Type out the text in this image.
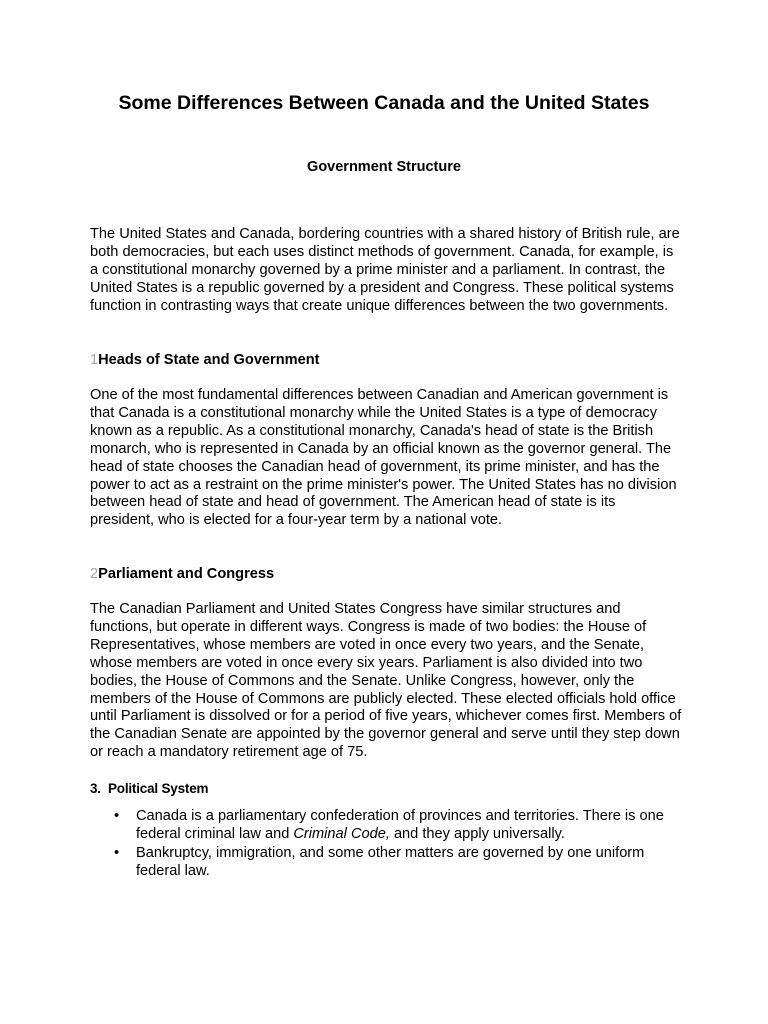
Some Differences Between Canada and the United States
Government Structure

The United States and Canada, bordering countries with a shared history of British rule, are both democracies, but each uses distinct methods of government. Canada, for example, is a constitutional monarchy governed by a prime minister and a parliament. In contrast, the United States is a republic governed by a president and Congress. These political systems function in contrasting ways that create unique differences between the two governments.

1Heads of State and Government

One of the most fundamental differences between Canadian and American government is that Canada is a constitutional monarchy while the United States is a type of democracy known as a republic. As a constitutional monarchy, Canada's head of state is the British monarch, who is represented in Canada by an official known as the governor general. The head of state chooses the Canadian head of government, its prime minister, and has the power to act as a restraint on the prime minister's power. The United States has no division between head of state and head of government. The American head of state is its president, who is elected for a four-year term by a national vote.

2Parliament and Congress

The Canadian Parliament and United States Congress have similar structures and functions, but operate in different ways. Congress is made of two bodies: the House of Representatives, whose members are voted in once every two years, and the Senate, whose members are voted in once every six years. Parliament is also divided into two bodies, the House of Commons and the Senate. Unlike Congress, however, only the members of the House of Commons are publicly elected. These elected officials hold office until Parliament is dissolved or for a period of five years, whichever comes first. Members of the Canadian Senate are appointed by the governor general and serve until they step down or reach a mandatory retirement age of 75.

3. Political System
• Canada is a parliamentary confederation of provinces and territories. There is one federal criminal law and Criminal Code, and they apply universally.
• Bankruptcy, immigration, and some other matters are governed by one uniform federal law.
